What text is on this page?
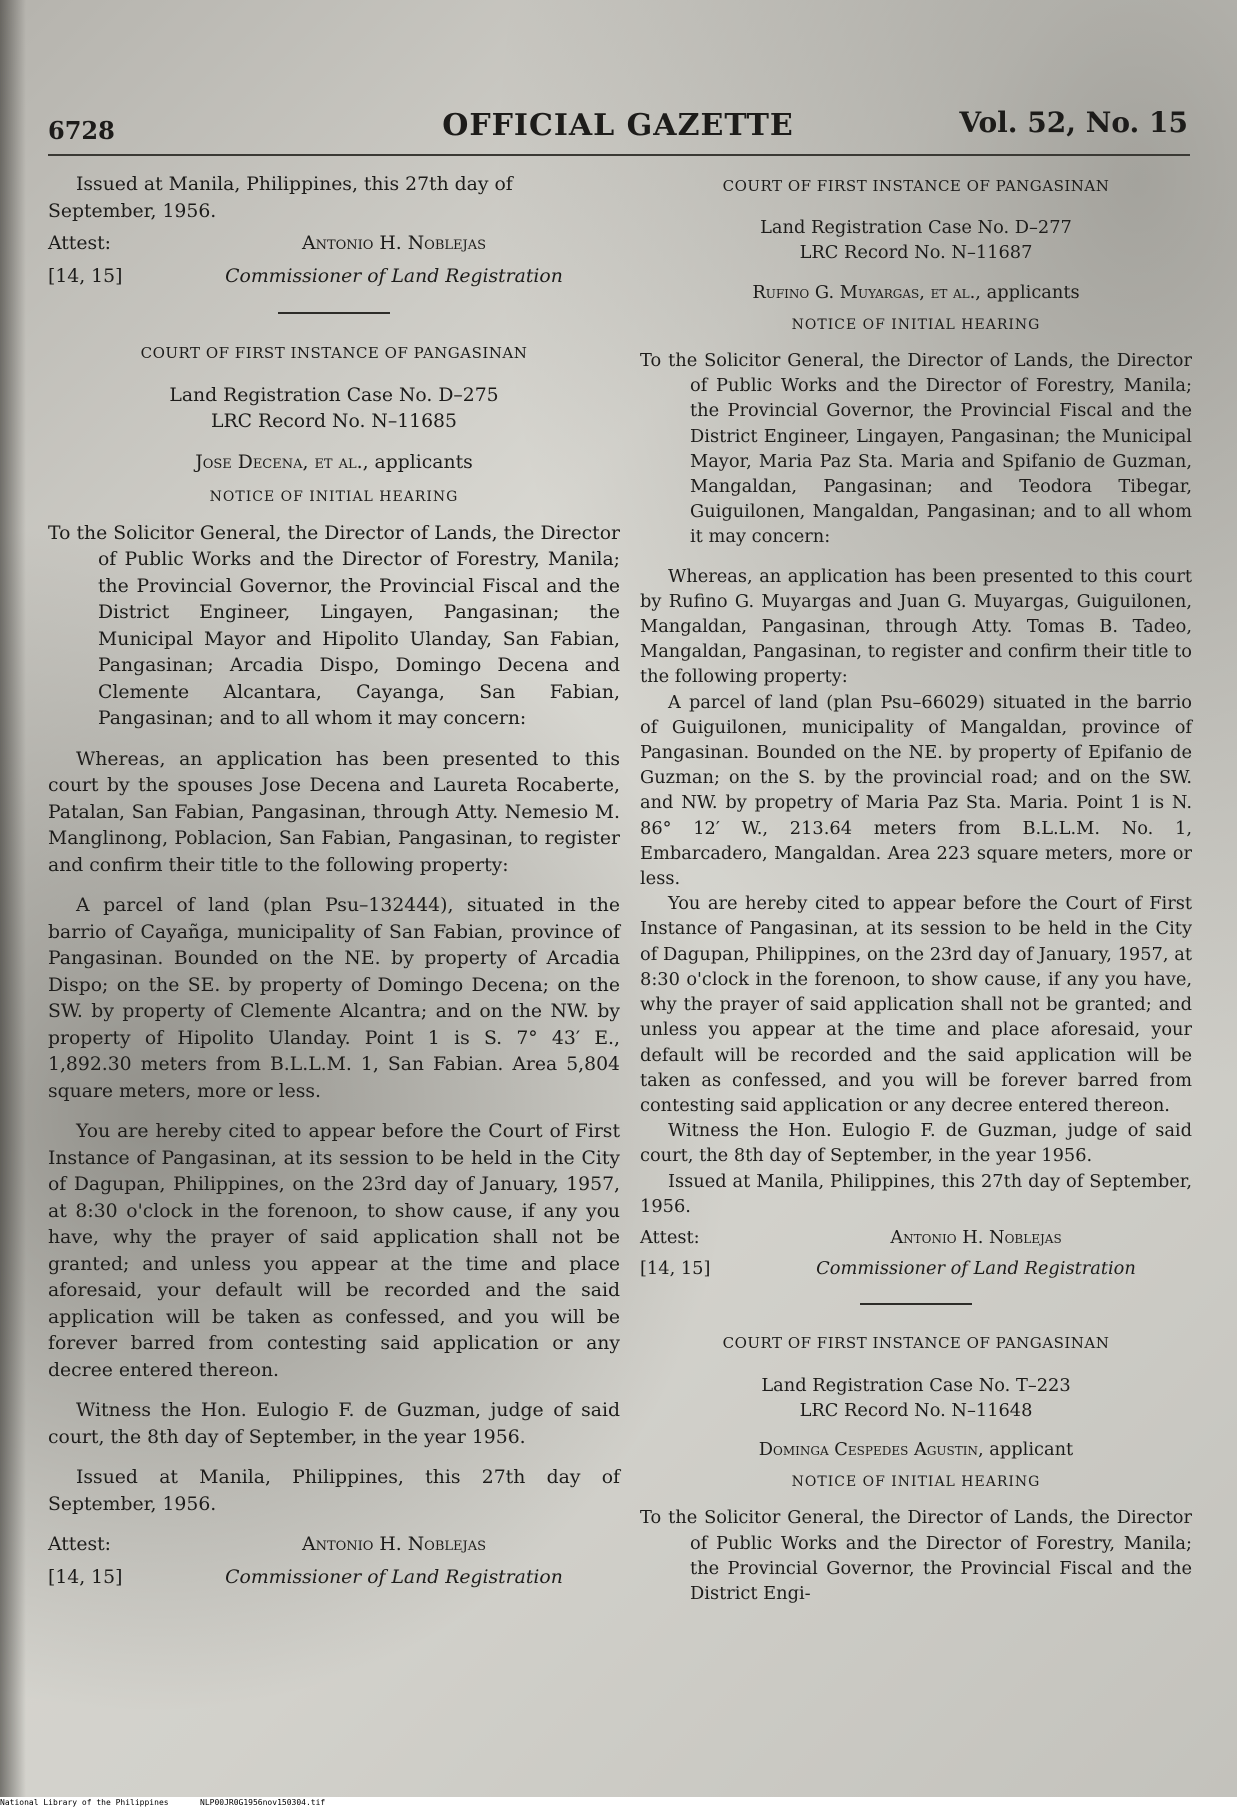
6728	OFFICIAL GAZETTE	Vol. 52, No. 15

Issued at Manila, Philippines, this 27th day of

September, 1956.

Attest:	Antonio H. Noblejas
[14, 15]	Commissioner of Land Registration

COURT OF FIRST INSTANCE OF PANGASINAN

Land Registration Case No. D–275
LRC Record No. N–11685

Jose Decena, et al., applicants

NOTICE OF INITIAL HEARING

To the Solicitor General, the Director of Lands, the Director of Public Works and the Director of Forestry, Manila; the Provincial Governor, the Provincial Fiscal and the District Engineer, Lingayen, Pangasinan; the Municipal Mayor and Hipolito Ulanday, San Fabian, Pangasinan; Arcadia Dispo, Domingo Decena and Clemente Alcantara, Cayanga, San Fabian, Pangasinan; and to all whom it may concern:

Whereas, an application has been presented to this court by the spouses Jose Decena and Laureta Rocaberte, Patalan, San Fabian, Pangasinan, through Atty. Nemesio M. Manglinong, Poblacion, San Fabian, Pangasinan, to register and confirm their title to the following property:

A parcel of land (plan Psu–132444), situated in the barrio of Cayañga, municipality of San Fabian, province of Pangasinan. Bounded on the NE. by property of Arcadia Dispo; on the SE. by property of Domingo Decena; on the SW. by property of Clemente Alcantra; and on the NW. by property of Hipolito Ulanday. Point 1 is S. 7° 43′ E., 1,892.30 meters from B.L.L.M. 1, San Fabian. Area 5,804 square meters, more or less.

You are hereby cited to appear before the Court of First Instance of Pangasinan, at its session to be held in the City of Dagupan, Philippines, on the 23rd day of January, 1957, at 8:30 o'clock in the forenoon, to show cause, if any you have, why the prayer of said application shall not be granted; and unless you appear at the time and place aforesaid, your default will be recorded and the said application will be taken as confessed, and you will be forever barred from contesting said application or any decree entered thereon.

Witness the Hon. Eulogio F. de Guzman, judge of said court, the 8th day of September, in the year 1956.

Issued at Manila, Philippines, this 27th day of September, 1956.

Attest:	Antonio H. Noblejas
[14, 15]	Commissioner of Land Registration

COURT OF FIRST INSTANCE OF PANGASINAN

Land Registration Case No. D–277
LRC Record No. N–11687

Rufino G. Muyargas, et al., applicants

NOTICE OF INITIAL HEARING

To the Solicitor General, the Director of Lands, the Director of Public Works and the Director of Forestry, Manila; the Provincial Governor, the Provincial Fiscal and the District Engineer, Lingayen, Pangasinan; the Municipal Mayor, Maria Paz Sta. Maria and Spifanio de Guzman, Mangaldan, Pangasinan; and Teodora Tibegar, Guiguilonen, Mangaldan, Pangasinan; and to all whom it may concern:

Whereas, an application has been presented to this court by Rufino G. Muyargas and Juan G. Muyargas, Guiguilonen, Mangaldan, Pangasinan, through Atty. Tomas B. Tadeo, Mangaldan, Pangasinan, to register and confirm their title to the following property:

A parcel of land (plan Psu–66029) situated in the barrio of Guiguilonen, municipality of Mangaldan, province of Pangasinan. Bounded on the NE. by property of Epifanio de Guzman; on the S. by the provincial road; and on the SW. and NW. by propetry of Maria Paz Sta. Maria. Point 1 is N. 86° 12′ W., 213.64 meters from B.L.L.M. No. 1, Embarcadero, Mangaldan. Area 223 square meters, more or less.

You are hereby cited to appear before the Court of First Instance of Pangasinan, at its session to be held in the City of Dagupan, Philippines, on the 23rd day of January, 1957, at 8:30 o'clock in the forenoon, to show cause, if any you have, why the prayer of said application shall not be granted; and unless you appear at the time and place aforesaid, your default will be recorded and the said application will be taken as confessed, and you will be forever barred from contesting said application or any decree entered thereon.

Witness the Hon. Eulogio F. de Guzman, judge of said court, the 8th day of September, in the year 1956.

Issued at Manila, Philippines, this 27th day of September, 1956.

Attest:	Antonio H. Noblejas
[14, 15]	Commissioner of Land Registration

COURT OF FIRST INSTANCE OF PANGASINAN

Land Registration Case No. T–223
LRC Record No. N–11648

Dominga Cespedes Agustin, applicant

NOTICE OF INITIAL HEARING

To the Solicitor General, the Director of Lands, the Director of Public Works and the Director of Forestry, Manila; the Provincial Governor, the Provincial Fiscal and the District Engi-

National Library of the Philippines	NLP00JR0G1956nov150304.tif
